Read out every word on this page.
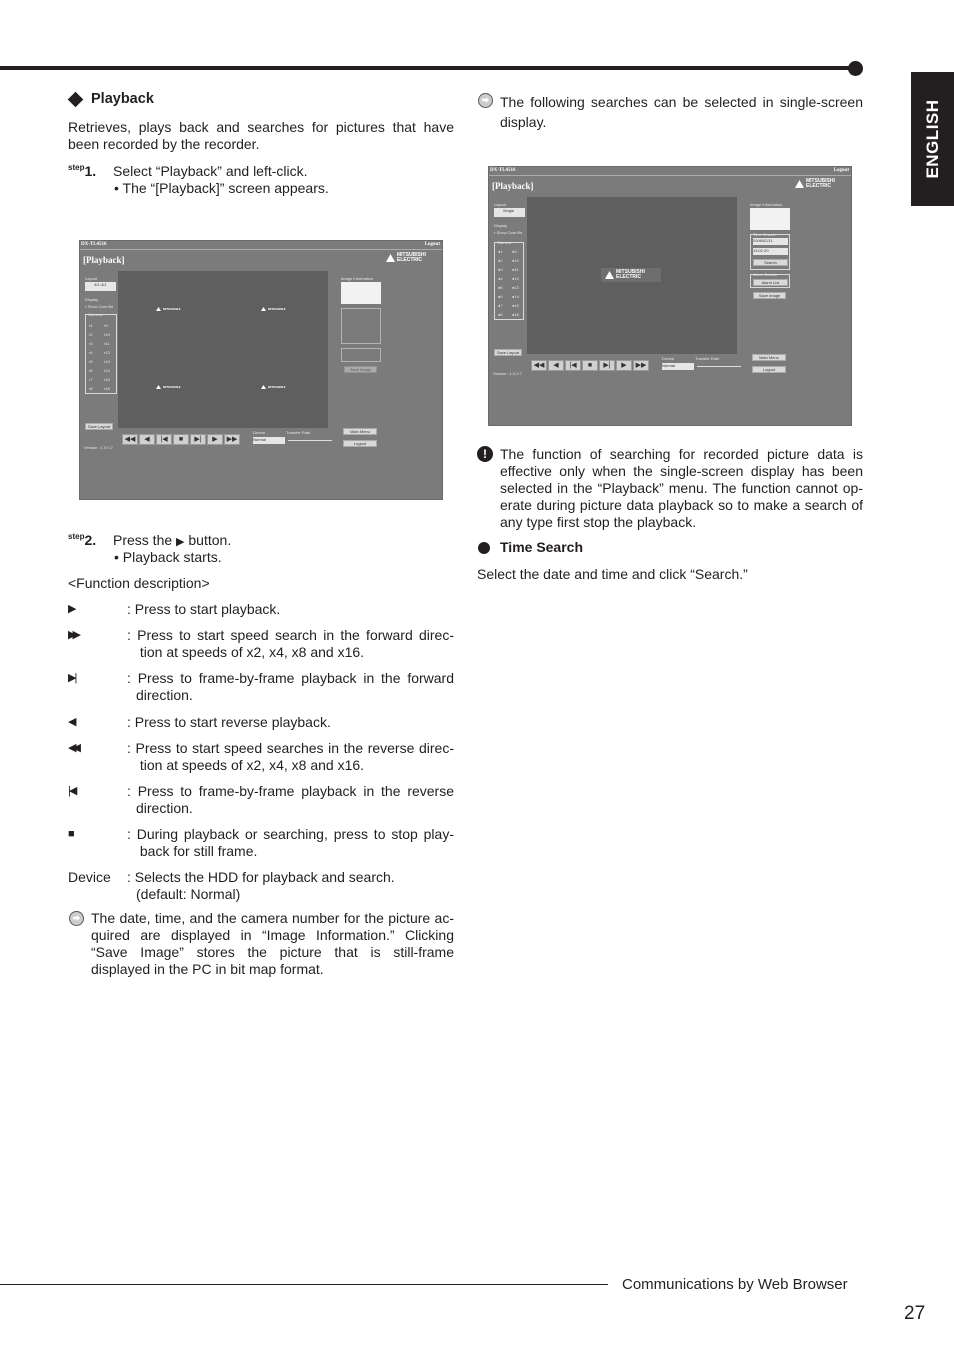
ENGLISH
Playback
Retrieves, plays back and searches for pictures that have been recorded by the recorder.
$^{step}$1. Select “Playback” and left-click.
• The “[Playback]” screen appears.
DX-TL4516	Logout
[Playback]	MITSUBISHI
ELECTRIC
Layout
4/1-4/1
Display
▪ Show Cam file
Camera
▪1
▪2
▪3
▪4
▪5
▪6
▪7
▪8
▪9
▪10
▪11
▪12
▪13
▪14
▪15
▪16
MITSUBISHI	MITSUBISHI
MITSUBISHI	MITSUBISHI
Image Information
Save Image
Save Layout
Version : 1.0.0.7
◀◀	◀	|◀	■	▶|	▶	▶▶
Device
Normal
Transfer Rate	Main Menu
Logout
$^{step}$2. Press the ▶ button.
• Playback starts.
<Function description>
▶	: Press to start playback.
▶▶	: Press to start speed search in the forward direc- tion at speeds of x2, x4, x8 and x16.
▶|	: Press to frame-by-frame playback in the forward direction.
◀	: Press to start reverse playback.
◀◀	: Press to start speed searches in the reverse direc- tion at speeds of x2, x4, x8 and x16.
|◀	: Press to frame-by-frame playback in the reverse direction.
■	: During playback or searching, press to stop play- back for still frame.
Device : Selects the HDD for playback and search. (default: Normal)
The date, time, and the camera number for the picture ac-quired are displayed in “Image Information.” Clicking “Save Image” stores the picture that is still-frame displayed in the PC in bit map format.
The following searches can be selected in single-screen display.
DX-TL4516	Logout
[Playback]	MITSUBISHI
ELECTRIC
Layout
Single
Display
▪ Show Cam file
Camera
●1
●2
●3
●4
●5
●6
●7
●8
●9
●10
●11
●12
●13
●14
●15
●16
MITSUBISHI
ELECTRIC
Image Information
Time Search
2006/02/11
13:01:20
Search
Alarm Search
Alarm List
Save Image
Save Layout
Version : 1.0.0.7
◀◀	◀	|◀	■	▶|	▶	▶▶
Device
Normal
Transfer Rate	Main Menu
Logout
! The function of searching for recorded picture data is effective only when the single-screen display has been selected in the “Playback” menu. The function cannot op-erate during picture data playback so to make a search of any type first stop the playback.
Time Search
Select the date and time and click “Search.”
Communications by Web Browser
27
